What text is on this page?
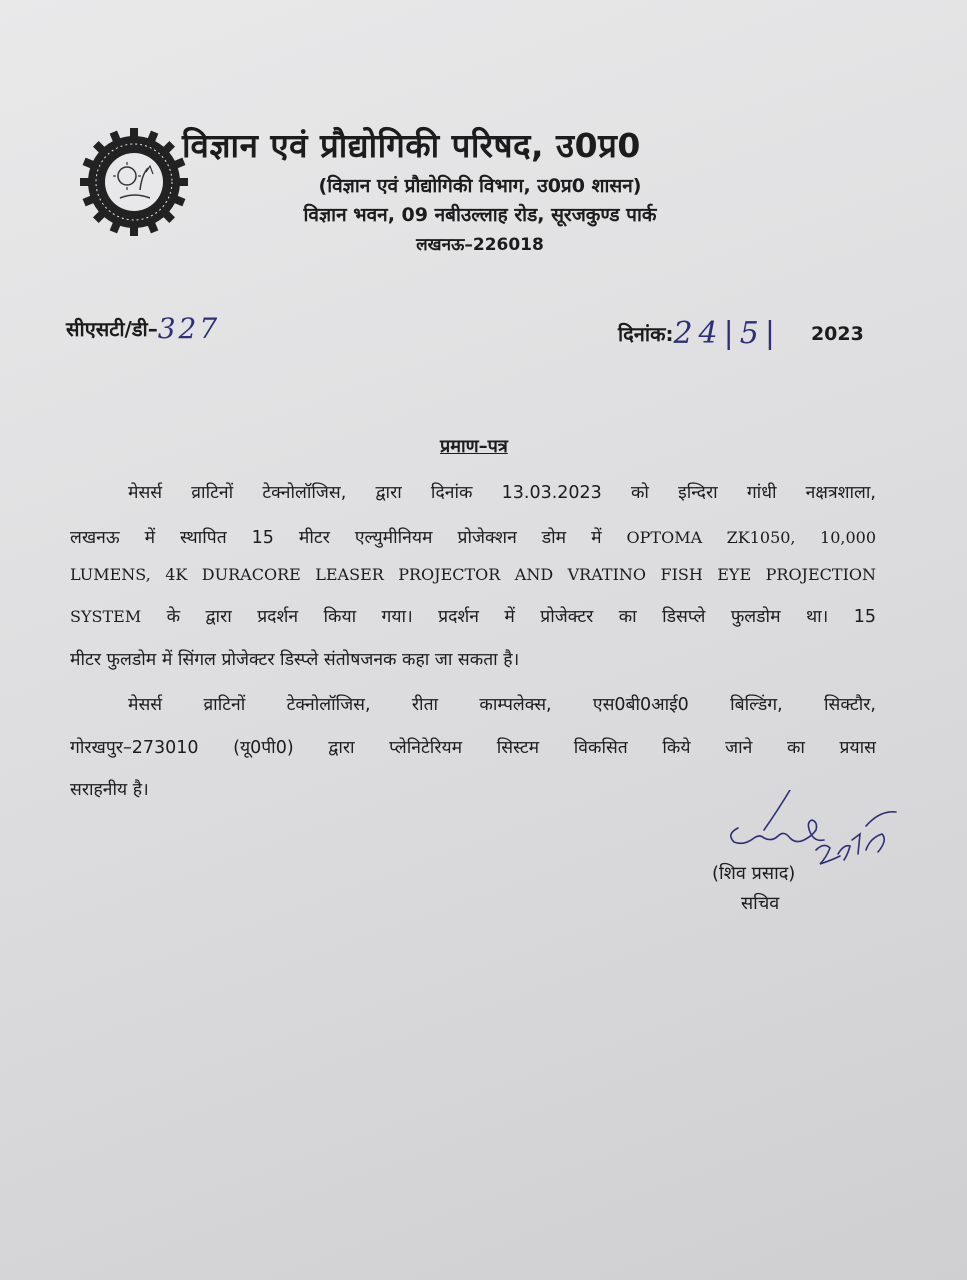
विज्ञान एवं प्रौद्योगिकी परिषद, उ0प्र0
(विज्ञान एवं प्रौद्योगिकी विभाग, उ0प्र0 शासन)
विज्ञान भवन, 09 नबीउल्लाह रोड, सूरजकुण्ड पार्क
लखनऊ–226018
सीएसटी/डी–327	दिनांक:24|5| 2023
प्रमाण–पत्र
मेसर्स व्राटिनों टेक्नोलॉजिस, द्वारा दिनांक 13.03.2023 को इन्दिरा गांधी नक्षत्रशाला,
लखनऊ में स्थापित 15 मीटर एल्युमीनियम प्रोजेक्शन डोम में OPTOMA ZK1050, 10,000
LUMENS, 4K DURACORE LEASER PROJECTOR AND VRATINO FISH EYE PROJECTION
SYSTEM के द्वारा प्रदर्शन किया गया। प्रदर्शन में प्रोजेक्टर का डिसप्ले फुलडोम था। 15
मीटर फुलडोम में सिंगल प्रोजेक्टर डिस्प्ले संतोषजनक कहा जा सकता है।
मेसर्स व्राटिनों टेक्नोलॉजिस, रीता काम्पलेक्स, एस0बी0आई0 बिल्डिंग, सिक्टौर,
गोरखपुर–273010 (यू0पी0) द्वारा प्लेनिटेरियम सिस्टम विकसित किये जाने का प्रयास
सराहनीय है।
(शिव प्रसाद)
सचिव
